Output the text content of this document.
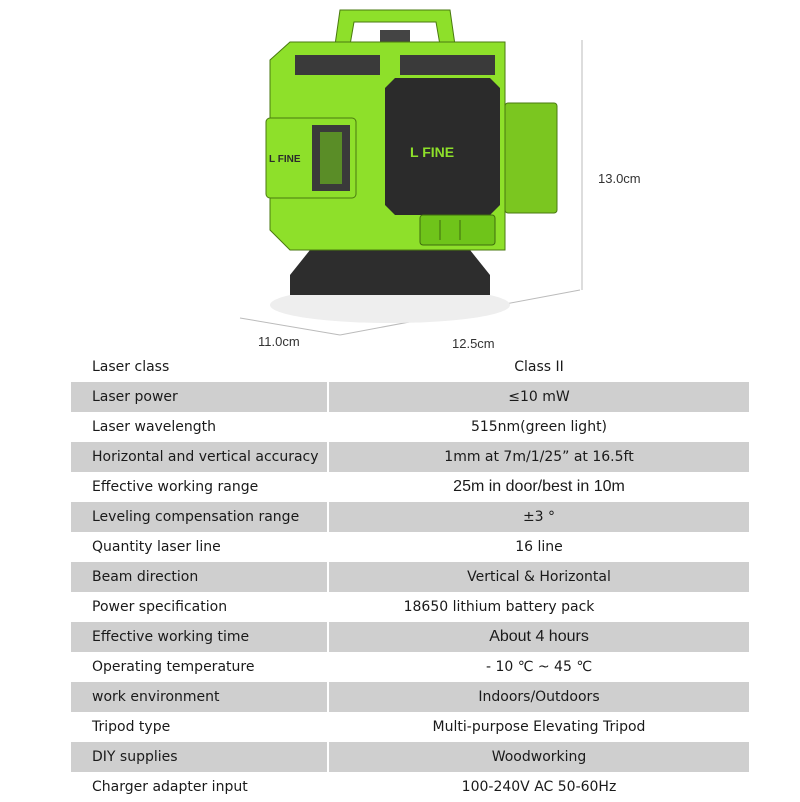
L FINE
L FINE
13.0cm
11.0cm	12.5cm
Laser class	Class II
Laser power	≤10 mW
Laser wavelength	515nm(green light)
Horizontal and vertical accuracy	1mm at 7m/1/25” at 16.5ft
Effective working range	25m in door/best in 10m
Leveling compensation range	±3 °
Quantity laser line	16 line
Beam direction	Vertical & Horizontal
Power specification	18650 lithium battery pack
Effective working time	About 4 hours
Operating temperature	- 10 ℃ ~ 45 ℃
work environment	Indoors/Outdoors
Tripod type	Multi-purpose Elevating Tripod
DIY supplies	Woodworking
Charger adapter input	100-240V AC 50-60Hz
